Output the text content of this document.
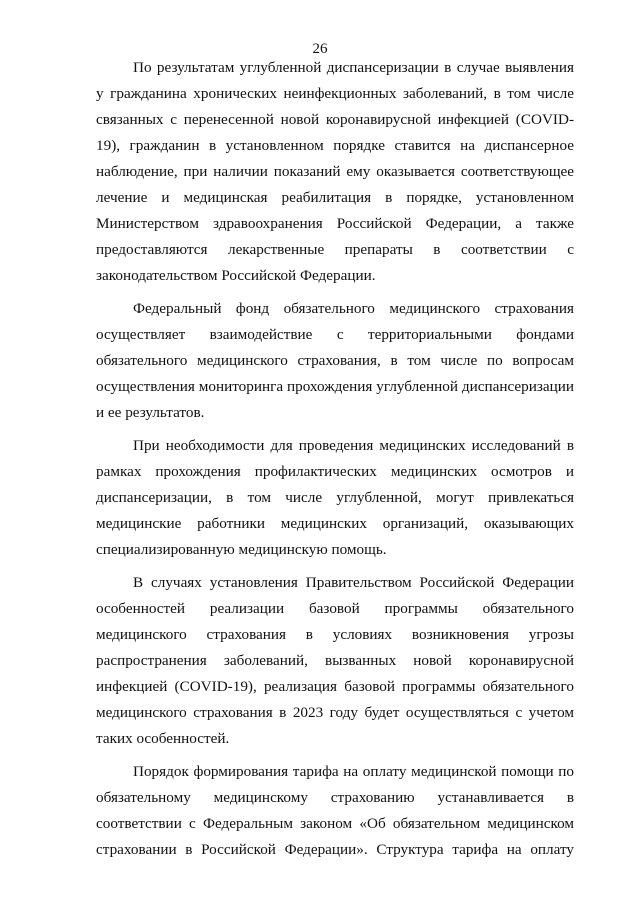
26

По результатам углубленной диспансеризации в случае выявления у гражданина хронических неинфекционных заболеваний, в том числе связанных с перенесенной новой коронавирусной инфекцией (COVID-19), гражданин в установленном порядке ставится на диспансерное наблюдение, при наличии показаний ему оказывается соответствующее лечение и медицинская реабилитация в порядке, установленном Министерством здравоохранения Российской Федерации, а также предоставляются лекарственные препараты в соответствии с законодательством Российской Федерации.

Федеральный фонд обязательного медицинского страхования осуществляет взаимодействие с территориальными фондами обязательного медицинского страхования, в том числе по вопросам осуществления мониторинга прохождения углубленной диспансеризации и ее результатов.

При необходимости для проведения медицинских исследований в рамках прохождения профилактических медицинских осмотров и диспансеризации, в том числе углубленной, могут привлекаться медицинские работники медицинских организаций, оказывающих специализированную медицинскую помощь.

В случаях установления Правительством Российской Федерации особенностей реализации базовой программы обязательного медицинского страхования в условиях возникновения угрозы распространения заболеваний, вызванных новой коронавирусной инфекцией (COVID-19), реализация базовой программы обязательного медицинского страхования в 2023 году будет осуществляться с учетом таких особенностей.

Порядок формирования тарифа на оплату медицинской помощи по обязательному медицинскому страхованию устанавливается в соответствии с Федеральным законом «Об обязательном медицинском страховании в Российской Федерации». Структура тарифа на оплату
